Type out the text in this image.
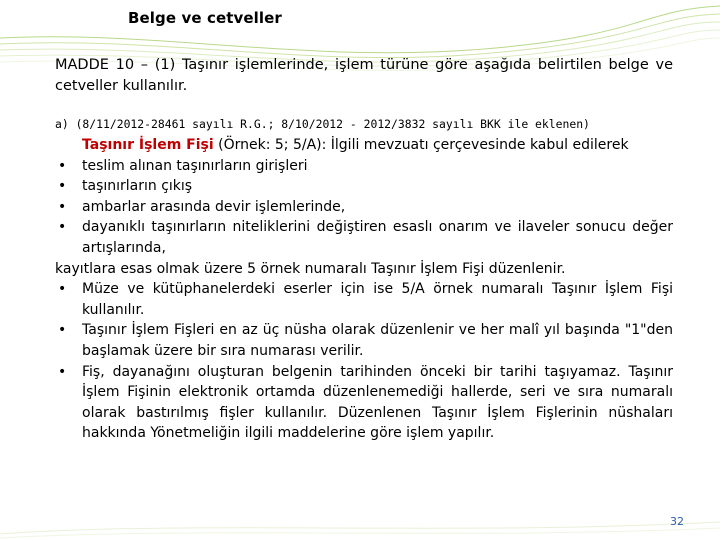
Belge ve cetveller
MADDE 10 – (1) Taşınır işlemlerinde, işlem türüne göre aşağıda belirtilen belge ve cetveller kullanılır.
a) (8/11/2012-28461 sayılı R.G.; 8/10/2012 - 2012/3832 sayılı BKK ile eklenen)
Taşınır İşlem Fişi (Örnek: 5; 5/A): İlgili mevzuatı çerçevesinde kabul edilerek
• teslim alınan taşınırların girişleri
• taşınırların çıkış
• ambarlar arasında devir işlemlerinde,
• dayanıklı taşınırların niteliklerini değiştiren esaslı onarım ve ilaveler sonucu değer artışlarında,
kayıtlara esas olmak üzere 5 örnek numaralı Taşınır İşlem Fişi düzenlenir.
• Müze ve kütüphanelerdeki eserler için ise 5/A örnek numaralı Taşınır İşlem Fişi kullanılır.
• Taşınır İşlem Fişleri en az üç nüsha olarak düzenlenir ve her malî yıl başında "1"den başlamak üzere bir sıra numarası verilir.
• Fiş, dayanağını oluşturan belgenin tarihinden önceki bir tarihi taşıyamaz. Taşınır İşlem Fişinin elektronik ortamda düzenlenemediği hallerde, seri ve sıra numaralı olarak bastırılmış fişler kullanılır. Düzenlenen Taşınır İşlem Fişlerinin nüshaları hakkında Yönetmeliğin ilgili maddelerine göre işlem yapılır.
32
